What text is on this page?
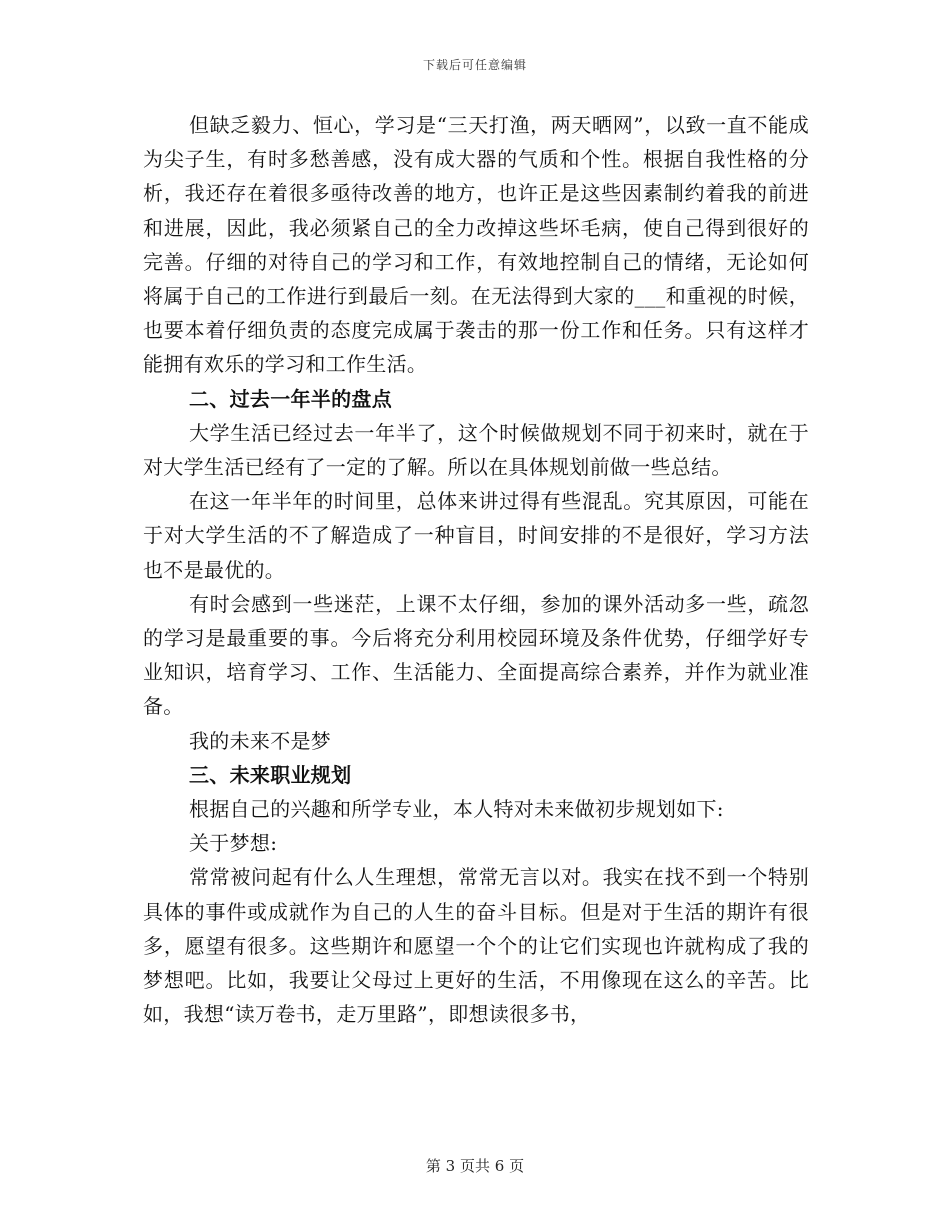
下载后可任意编辑

但缺乏毅力、恒心，学习是“三天打渔，两天晒网”，以致一直不能成为尖子生，有时多愁善感，没有成大器的气质和个性。根据自我性格的分析，我还存在着很多亟待改善的地方，也许正是这些因素制约着我的前进和进展，因此，我必须紧自己的全力改掉这些坏毛病，使自己得到很好的完善。仔细的对待自己的学习和工作，有效地控制自己的情绪，无论如何将属于自己的工作进行到最后一刻。在无法得到大家的___和重视的时候，也要本着仔细负责的态度完成属于袭击的那一份工作和任务。只有这样才能拥有欢乐的学习和工作生活。

二、过去一年半的盘点

大学生活已经过去一年半了，这个时候做规划不同于初来时，就在于对大学生活已经有了一定的了解。所以在具体规划前做一些总结。

在这一年半年的时间里，总体来讲过得有些混乱。究其原因，可能在于对大学生活的不了解造成了一种盲目，时间安排的不是很好，学习方法也不是最优的。

有时会感到一些迷茫，上课不太仔细，参加的课外活动多一些，疏忽的学习是最重要的事。今后将充分利用校园环境及条件优势，仔细学好专业知识，培育学习、工作、生活能力、全面提高综合素养，并作为就业准备。

我的未来不是梦

三、未来职业规划

根据自己的兴趣和所学专业，本人特对未来做初步规划如下:

关于梦想:

常常被问起有什么人生理想，常常无言以对。我实在找不到一个特别具体的事件或成就作为自己的人生的奋斗目标。但是对于生活的期许有很多，愿望有很多。这些期许和愿望一个个的让它们实现也许就构成了我的梦想吧。比如，我要让父母过上更好的生活，不用像现在这么的辛苦。比如，我想“读万卷书，走万里路”，即想读很多书，

第 3 页共 6 页
